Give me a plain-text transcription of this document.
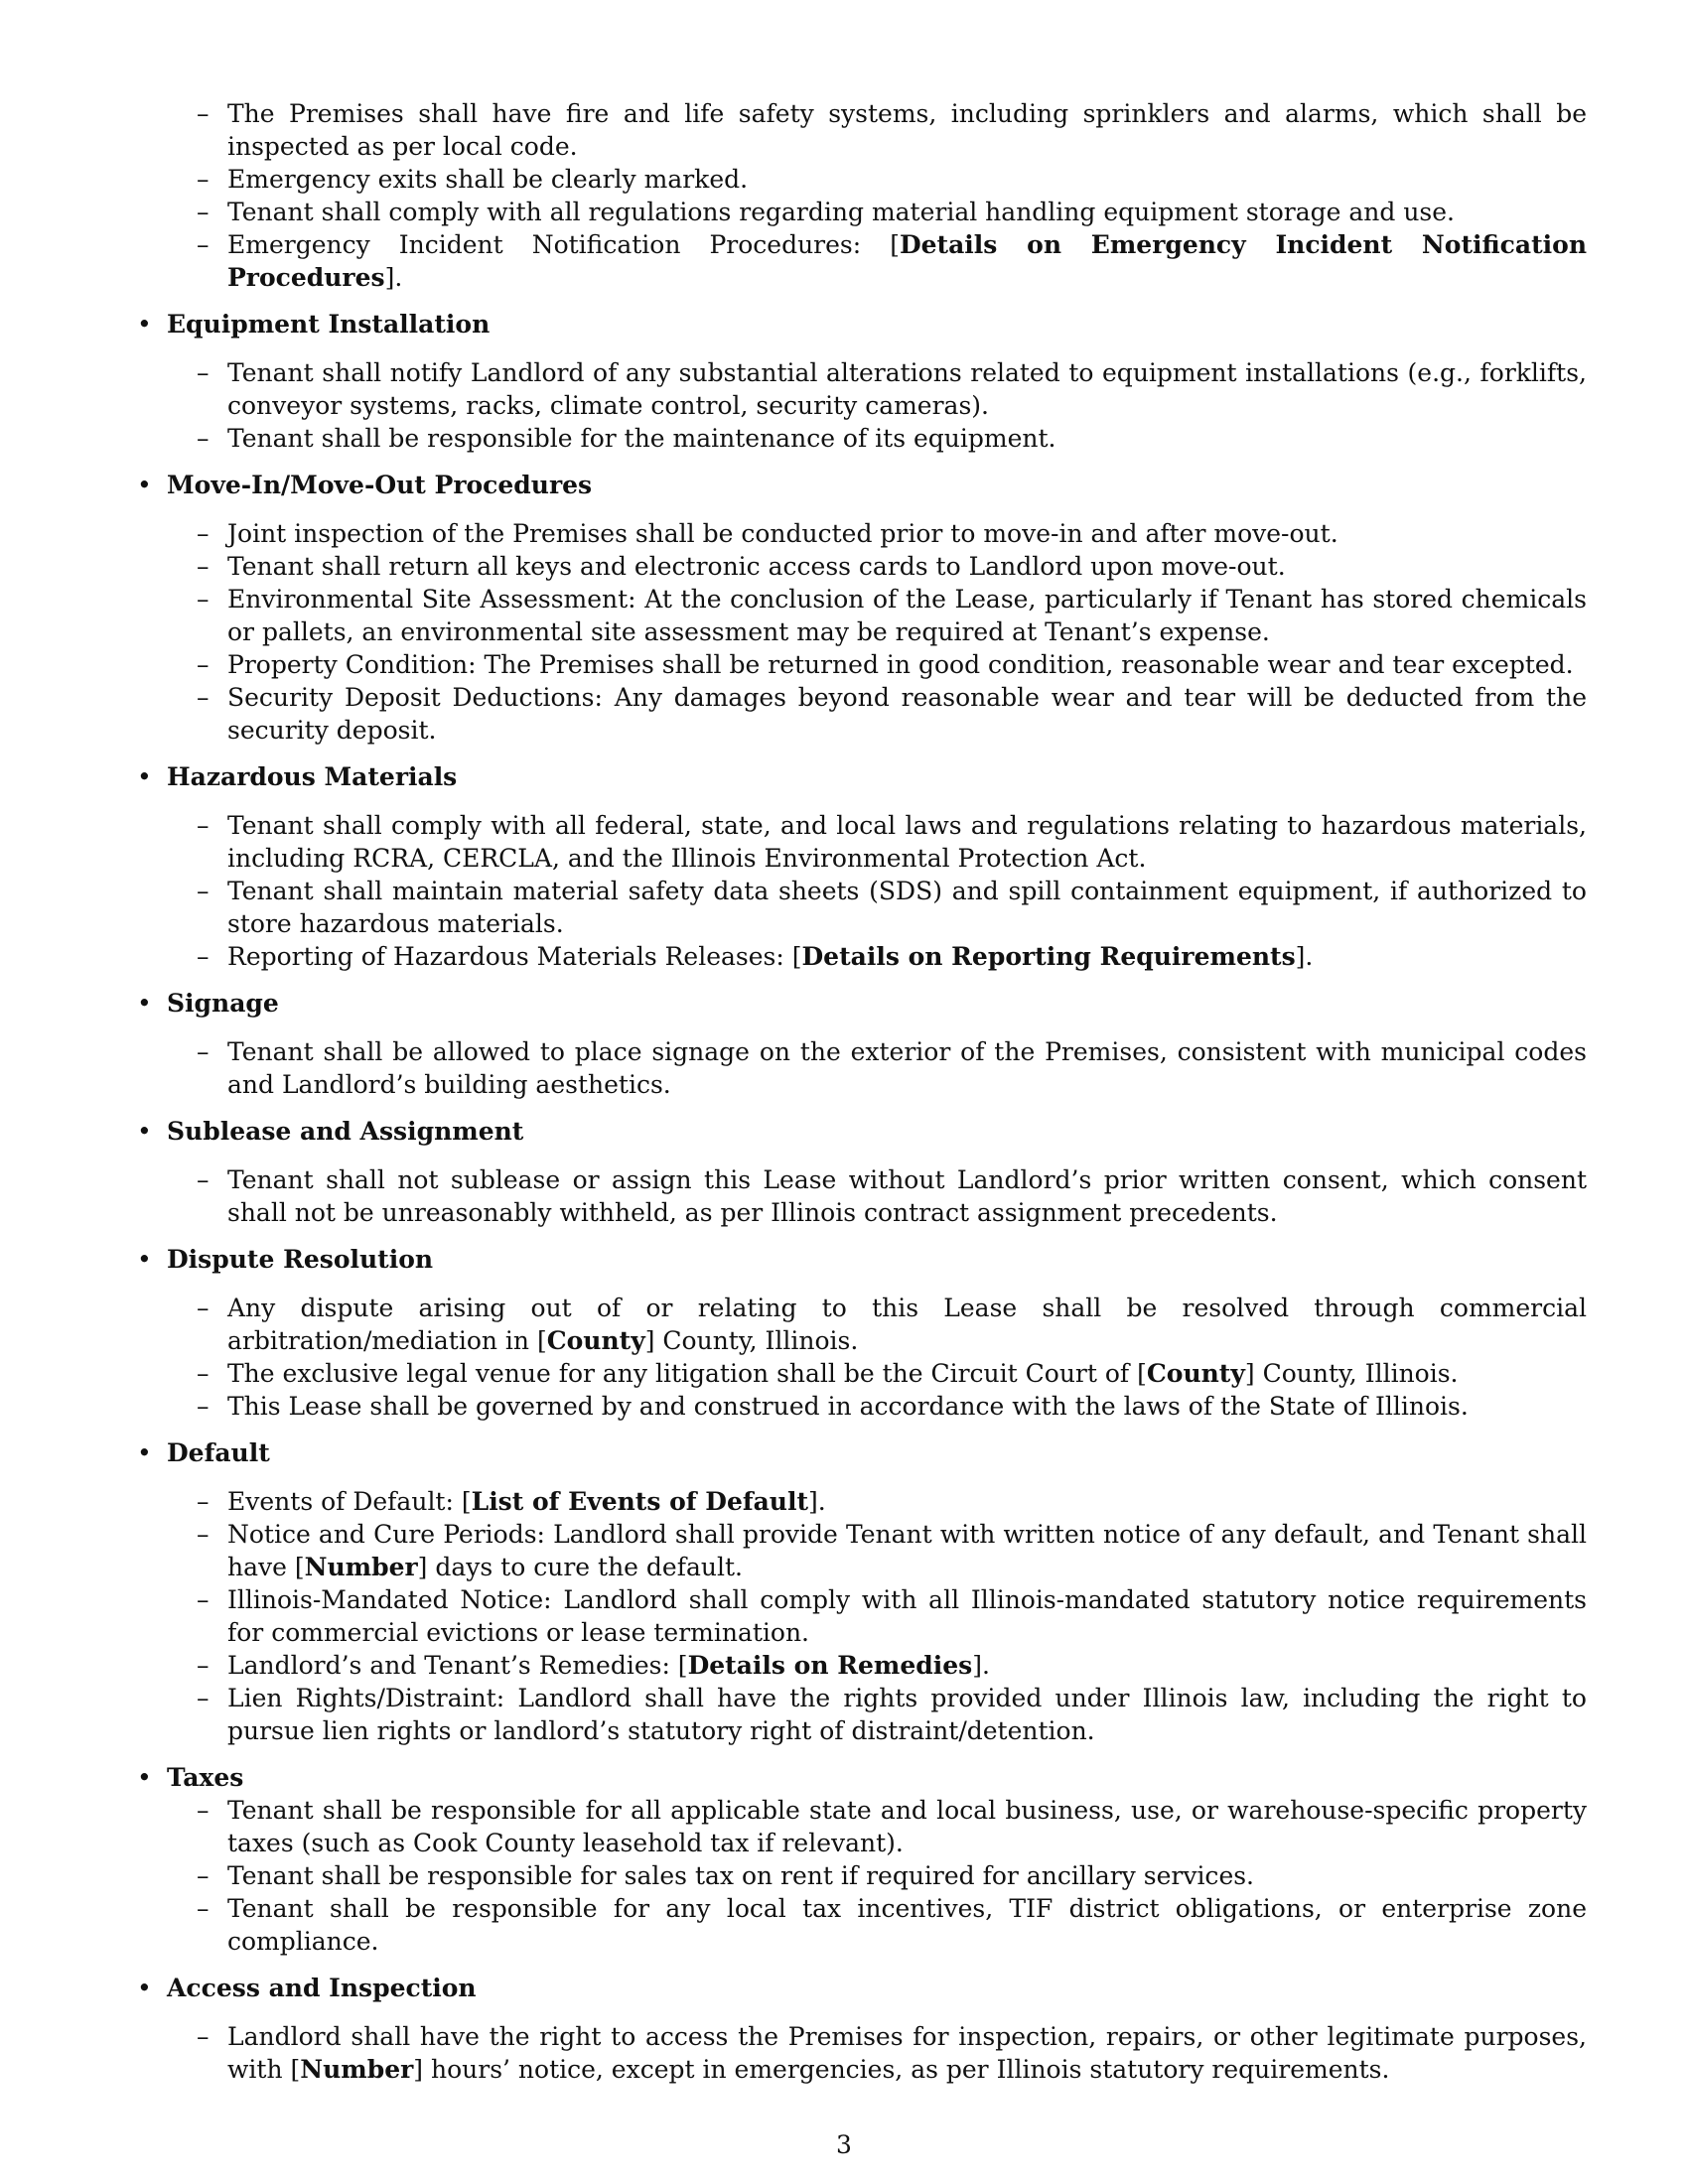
– The Premises shall have fire and life safety systems, including sprinklers and alarms, which shall be inspected as per local code.
– Emergency exits shall be clearly marked.
– Tenant shall comply with all regulations regarding material handling equipment storage and use.
– Emergency Incident Notification Procedures: [Details on Emergency Incident Notification Procedures].
• Equipment Installation
– Tenant shall notify Landlord of any substantial alterations related to equipment installations (e.g., forklifts, conveyor systems, racks, climate control, security cameras).
– Tenant shall be responsible for the maintenance of its equipment.
• Move-In/Move-Out Procedures
– Joint inspection of the Premises shall be conducted prior to move-in and after move-out.
– Tenant shall return all keys and electronic access cards to Landlord upon move-out.
– Environmental Site Assessment: At the conclusion of the Lease, particularly if Tenant has stored chemicals or pallets, an environmental site assessment may be required at Tenant’s expense.
– Property Condition: The Premises shall be returned in good condition, reasonable wear and tear excepted.
– Security Deposit Deductions: Any damages beyond reasonable wear and tear will be deducted from the security deposit.
• Hazardous Materials
– Tenant shall comply with all federal, state, and local laws and regulations relating to hazardous materials, including RCRA, CERCLA, and the Illinois Environmental Protection Act.
– Tenant shall maintain material safety data sheets (SDS) and spill containment equipment, if authorized to store hazardous materials.
– Reporting of Hazardous Materials Releases: [Details on Reporting Requirements].
• Signage
– Tenant shall be allowed to place signage on the exterior of the Premises, consistent with municipal codes and Landlord’s building aesthetics.
• Sublease and Assignment
– Tenant shall not sublease or assign this Lease without Landlord’s prior written consent, which consent shall not be unreasonably withheld, as per Illinois contract assignment precedents.
• Dispute Resolution
– Any dispute arising out of or relating to this Lease shall be resolved through commercial arbitration/mediation in [County] County, Illinois.
– The exclusive legal venue for any litigation shall be the Circuit Court of [County] County, Illinois.
– This Lease shall be governed by and construed in accordance with the laws of the State of Illinois.
• Default
– Events of Default: [List of Events of Default].
– Notice and Cure Periods: Landlord shall provide Tenant with written notice of any default, and Tenant shall have [Number] days to cure the default.
– Illinois-Mandated Notice: Landlord shall comply with all Illinois-mandated statutory notice requirements for commercial evictions or lease termination.
– Landlord’s and Tenant’s Remedies: [Details on Remedies].
– Lien Rights/Distraint: Landlord shall have the rights provided under Illinois law, including the right to pursue lien rights or landlord’s statutory right of distraint/detention.
• Taxes
– Tenant shall be responsible for all applicable state and local business, use, or warehouse-specific property taxes (such as Cook County leasehold tax if relevant).
– Tenant shall be responsible for sales tax on rent if required for ancillary services.
– Tenant shall be responsible for any local tax incentives, TIF district obligations, or enterprise zone compliance.
• Access and Inspection
– Landlord shall have the right to access the Premises for inspection, repairs, or other legitimate purposes, with [Number] hours’ notice, except in emergencies, as per Illinois statutory requirements.
3
